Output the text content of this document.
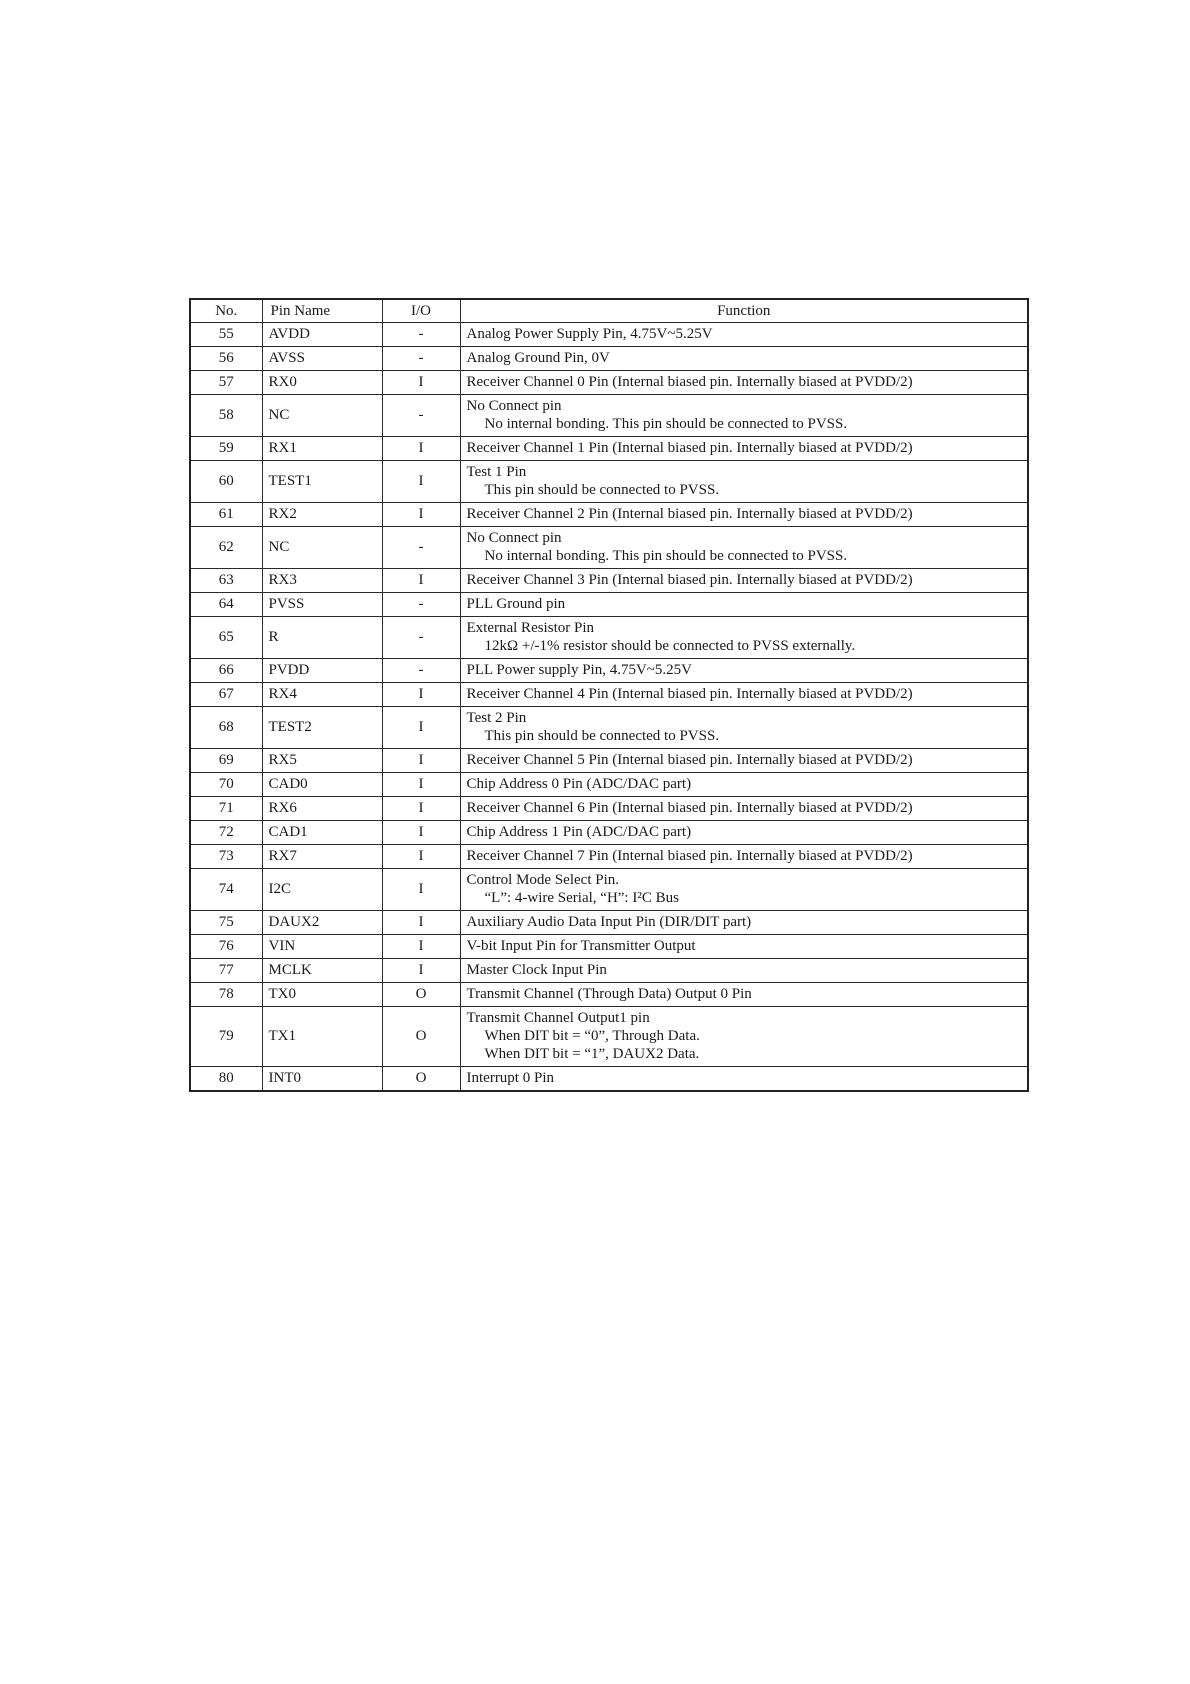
No.	Pin Name	I/O	Function
55	AVDD	-	Analog Power Supply Pin, 4.75V~5.25V

56	AVSS	-	Analog Ground Pin, 0V

57	RX0	I	Receiver Channel 0 Pin (Internal biased pin. Internally biased at PVDD/2)

58	NC	-	No Connect pin
No internal bonding. This pin should be connected to PVSS.

59	RX1	I	Receiver Channel 1 Pin (Internal biased pin. Internally biased at PVDD/2)

60	TEST1	I	Test 1 Pin
This pin should be connected to PVSS.

61	RX2	I	Receiver Channel 2 Pin (Internal biased pin. Internally biased at PVDD/2)

62	NC	-	No Connect pin
No internal bonding. This pin should be connected to PVSS.

63	RX3	I	Receiver Channel 3 Pin (Internal biased pin. Internally biased at PVDD/2)

64	PVSS	-	PLL Ground pin

65	R	-	External Resistor Pin
12kΩ +/-1% resistor should be connected to PVSS externally.

66	PVDD	-	PLL Power supply Pin, 4.75V~5.25V

67	RX4	I	Receiver Channel 4 Pin (Internal biased pin. Internally biased at PVDD/2)

68	TEST2	I	Test 2 Pin
This pin should be connected to PVSS.

69	RX5	I	Receiver Channel 5 Pin (Internal biased pin. Internally biased at PVDD/2)

70	CAD0	I	Chip Address 0 Pin (ADC/DAC part)

71	RX6	I	Receiver Channel 6 Pin (Internal biased pin. Internally biased at PVDD/2)

72	CAD1	I	Chip Address 1 Pin (ADC/DAC part)

73	RX7	I	Receiver Channel 7 Pin (Internal biased pin. Internally biased at PVDD/2)

74	I2C	I	Control Mode Select Pin.
“L”: 4-wire Serial, “H”: I²C Bus

75	DAUX2	I	Auxiliary Audio Data Input Pin (DIR/DIT part)

76	VIN	I	V-bit Input Pin for Transmitter Output

77	MCLK	I	Master Clock Input Pin

78	TX0	O	Transmit Channel (Through Data) Output 0 Pin

79	TX1	O	Transmit Channel Output1 pin
When DIT bit = “0”, Through Data.
When DIT bit = “1”, DAUX2 Data.

80	INT0	O	Interrupt 0 Pin
